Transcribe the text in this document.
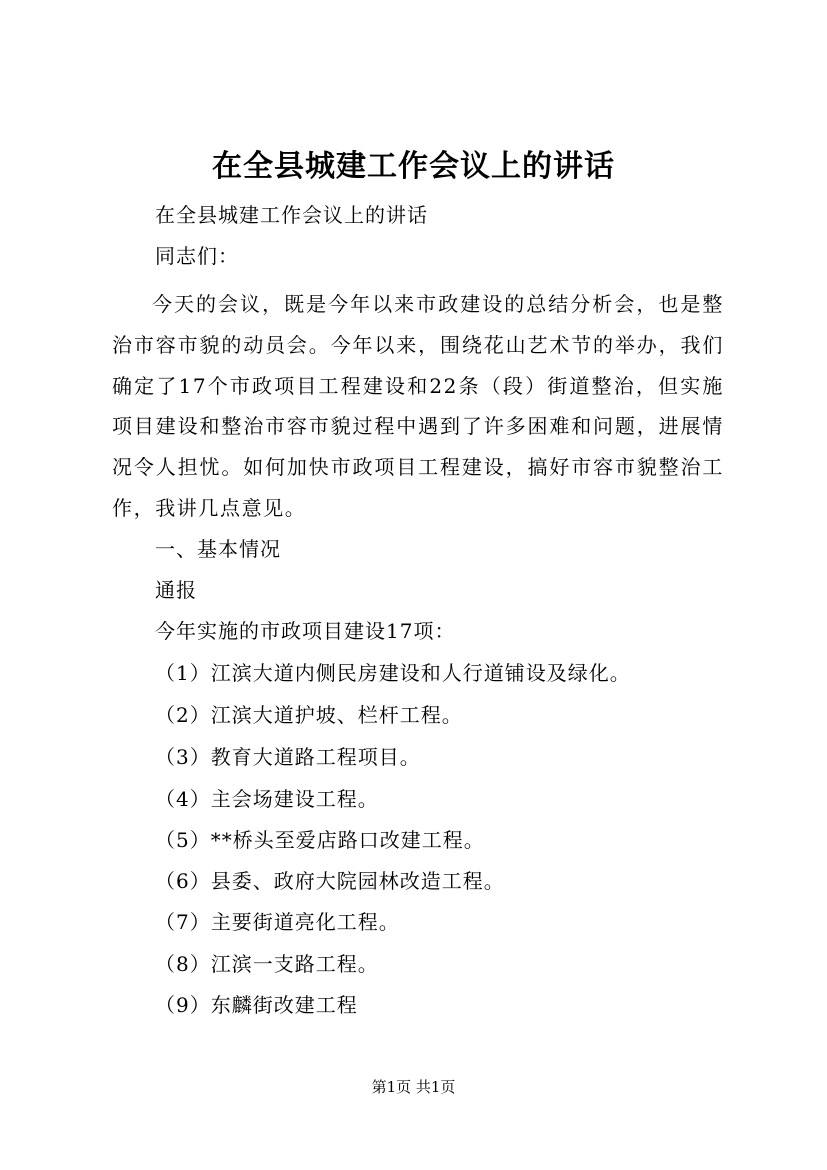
在全县城建工作会议上的讲话
在全县城建工作会议上的讲话
同志们：
今天的会议，既是今年以来市政建设的总结分析会，也是整治市容市貌的动员会。今年以来，围绕花山艺术节的举办，我们确定了17个市政项目工程建设和22条（段）街道整治，但实施项目建设和整治市容市貌过程中遇到了许多困难和问题，进展情况令人担忧。如何加快市政项目工程建设，搞好市容市貌整治工作，我讲几点意见。
一、基本情况
通报
今年实施的市政项目建设17项：
（1）江滨大道内侧民房建设和人行道铺设及绿化。
（2）江滨大道护坡、栏杆工程。
（3）教育大道路工程项目。
（4）主会场建设工程。
（5）**桥头至爱店路口改建工程。
（6）县委、政府大院园林改造工程。
（7）主要街道亮化工程。
（8）江滨一支路工程。
（9）东麟街改建工程
第1页 共1页
